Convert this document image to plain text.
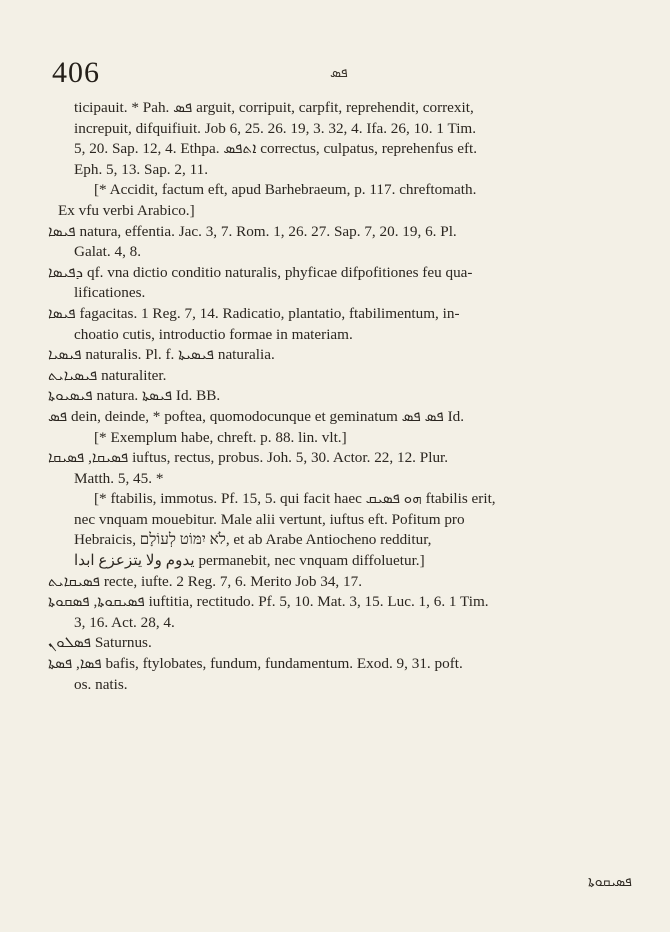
406	ܦܣ
ticipauit. * Pah. ܦܣ arguit, corripuit, carpfit, reprehendit, correxit,
increpuit, difquifiuit. Job 6, 25. 26. 19, 3. 32, 4. Ifa. 26, 10. 1 Tim.
5, 20. Sap. 12, 4. Ethpa. ܐܬܦܣ correctus, culpatus, reprehenfus eft.
Eph. 5, 13. Sap. 2, 11.
[* Accidit, factum eft, apud Barhebraeum, p. 117. chreftomath.
Ex vfu verbi Arabico.]
ܦܝܣܐ natura, effentia. Jac. 3, 7. Rom. 1, 26. 27. Sap. 7, 20. 19, 6. Pl.
Galat. 4, 8.
ܕܦܝܣܐ qf. vna dictio conditio naturalis, phyficae difpofitiones feu qua-
lificationes.
ܦܝܣܐ fagacitas. 1 Reg. 7, 14. Radicatio, plantatio, ftabilimentum, in-
choatio cutis, introductio formae in materiam.
ܦܝܣܝܐ naturalis. Pl. f. ܦܝܣܝܬܐ naturalia.
ܦܝܣܝܐܝܬ naturaliter.
ܦܝܣܝܘܬܐ natura. ܦܝܣܬܐ Id. BB.
ܦܣ dein, deinde, * poftea, quomodocunque et geminatum ܦܣ ܦܣ Id.
[* Exemplum habe, chreft. p. 88. lin. vlt.]
ܦܣܝܩܐ, ܦܣܝܩܐ iuftus, rectus, probus. Joh. 5, 30. Actor. 22, 12. Plur.
Matth. 5, 45. *
[* ftabilis, immotus. Pf. 15, 5. qui facit haec ܗܘ ܦܣܝܩ ftabilis erit,
nec vnquam mouebitur. Male alii vertunt, iuftus eft. Pofitum pro
Hebraicis, לֹא יִמּוֹט לְעוֹלָם, et ab Arabe Antiocheno redditur,
يدوم ولا يتزعزع ابدا permanebit, nec vnquam diffoluetur.]
ܦܣܝܩܐܝܬ recte, iufte. 2 Reg. 7, 6. Merito Job 34, 17.
ܦܣܝܩܘܬܐ, ܦܣܩܘܬܐ iuftitia, rectitudo. Pf. 5, 10. Mat. 3, 15. Luc. 1, 6. 1 Tim.
3, 16. Act. 28, 4.
ܦܣܠܘܢ Saturnus.
ܦܣܐ, ܦܣܬܐ bafis, ftylobates, fundum, fundamentum. Exod. 9, 31. poft.
os. natis.
ܦܣܝܩܘܬܐ
